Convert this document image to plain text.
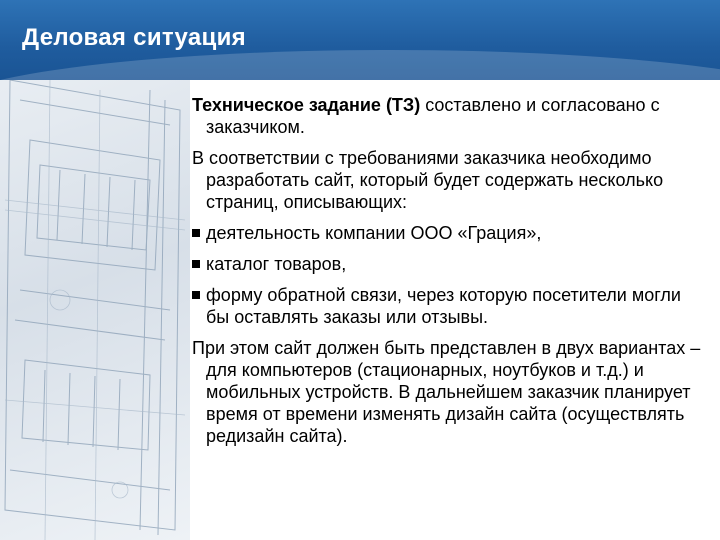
Деловая ситуация

Техническое задание (ТЗ) составлено и согласовано с заказчиком.

В соответствии с требованиями заказчика необходимо разработать сайт, который будет содержать несколько страниц, описывающих:

деятельность компании ООО «Грация»,

каталог товаров,

форму обратной связи, через которую посетители могли бы оставлять заказы или отзывы.

При этом сайт должен быть представлен в двух вариантах – для компьютеров (стационарных, ноутбуков и т.д.) и мобильных устройств. В дальнейшем заказчик планирует время от времени изменять дизайн сайта (осуществлять редизайн сайта).
